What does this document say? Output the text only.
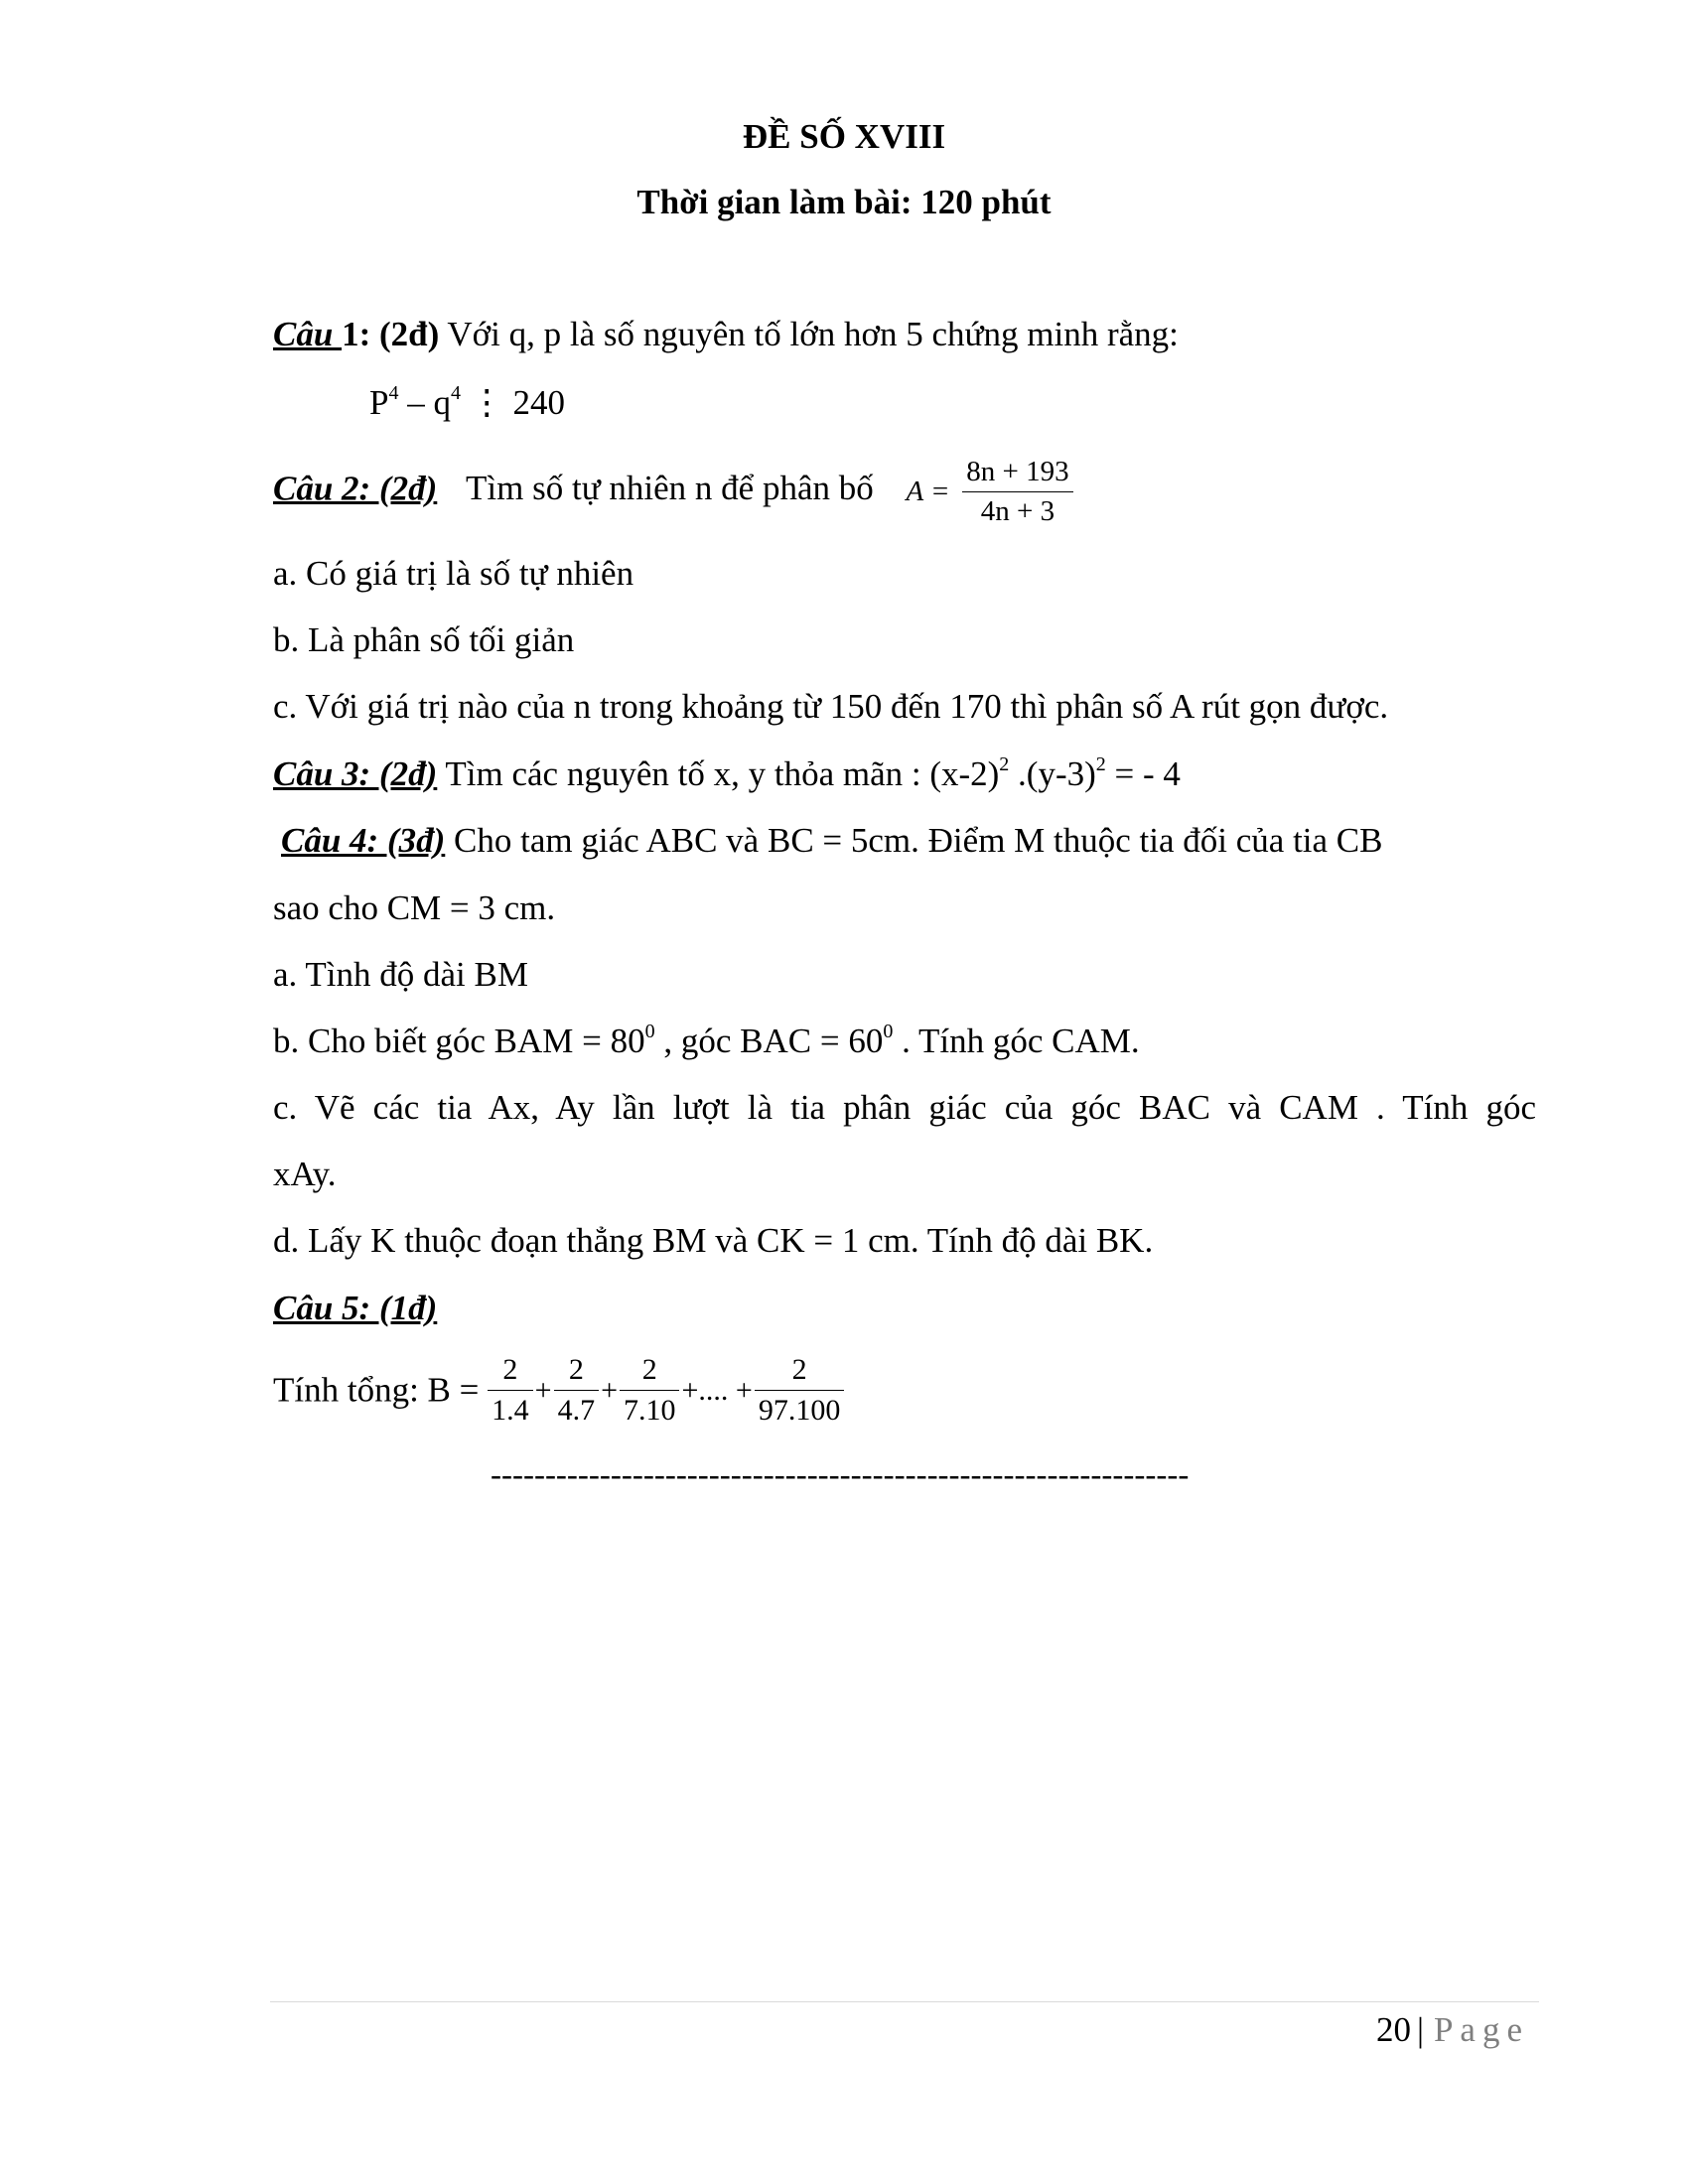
ĐỀ SỐ XVIII
Thời gian làm bài: 120 phút
Câu 1: (2đ) Với q, p là số nguyên tố lớn hơn 5 chứng minh rằng:
$P^4 - q^4$ ⋮ 240
Câu 2: (2đ) Tìm số tự nhiên n để phân bố $A = \frac{8n + 193}{4n + 3}$
a. Có giá trị là số tự nhiên
b. Là phân số tối giản
c. Với giá trị nào của n trong khoảng từ 150 đến 170 thì phân số A rút gọn được.
Câu 3: (2đ) Tìm các nguyên tố x, y thỏa mãn : $(x-2)^2$ $.(y-3)^2$ = - 4
Câu 4: (3đ) Cho tam giác ABC và BC = 5cm. Điểm M thuộc tia đối của tia CB
sao cho CM = 3 cm.
a. Tình độ dài BM
b. Cho biết góc BAM = $80^0$ , góc BAC = $60^0$ . Tính góc CAM.
c. Vẽ các tia Ax, Ay lần lượt là tia phân giác của góc BAC và CAM . Tính góc
xAy.
d. Lấy K thuộc đoạn thẳng BM và CK = 1 cm. Tính độ dài BK.
Câu 5: (1đ)
Tính tổng: $B = \frac{2}{1.4} + \frac{2}{4.7} + \frac{2}{7.10}$ +.... + $\frac{2}{97.100}$
----------------------------------------------------------------
20 | Page
